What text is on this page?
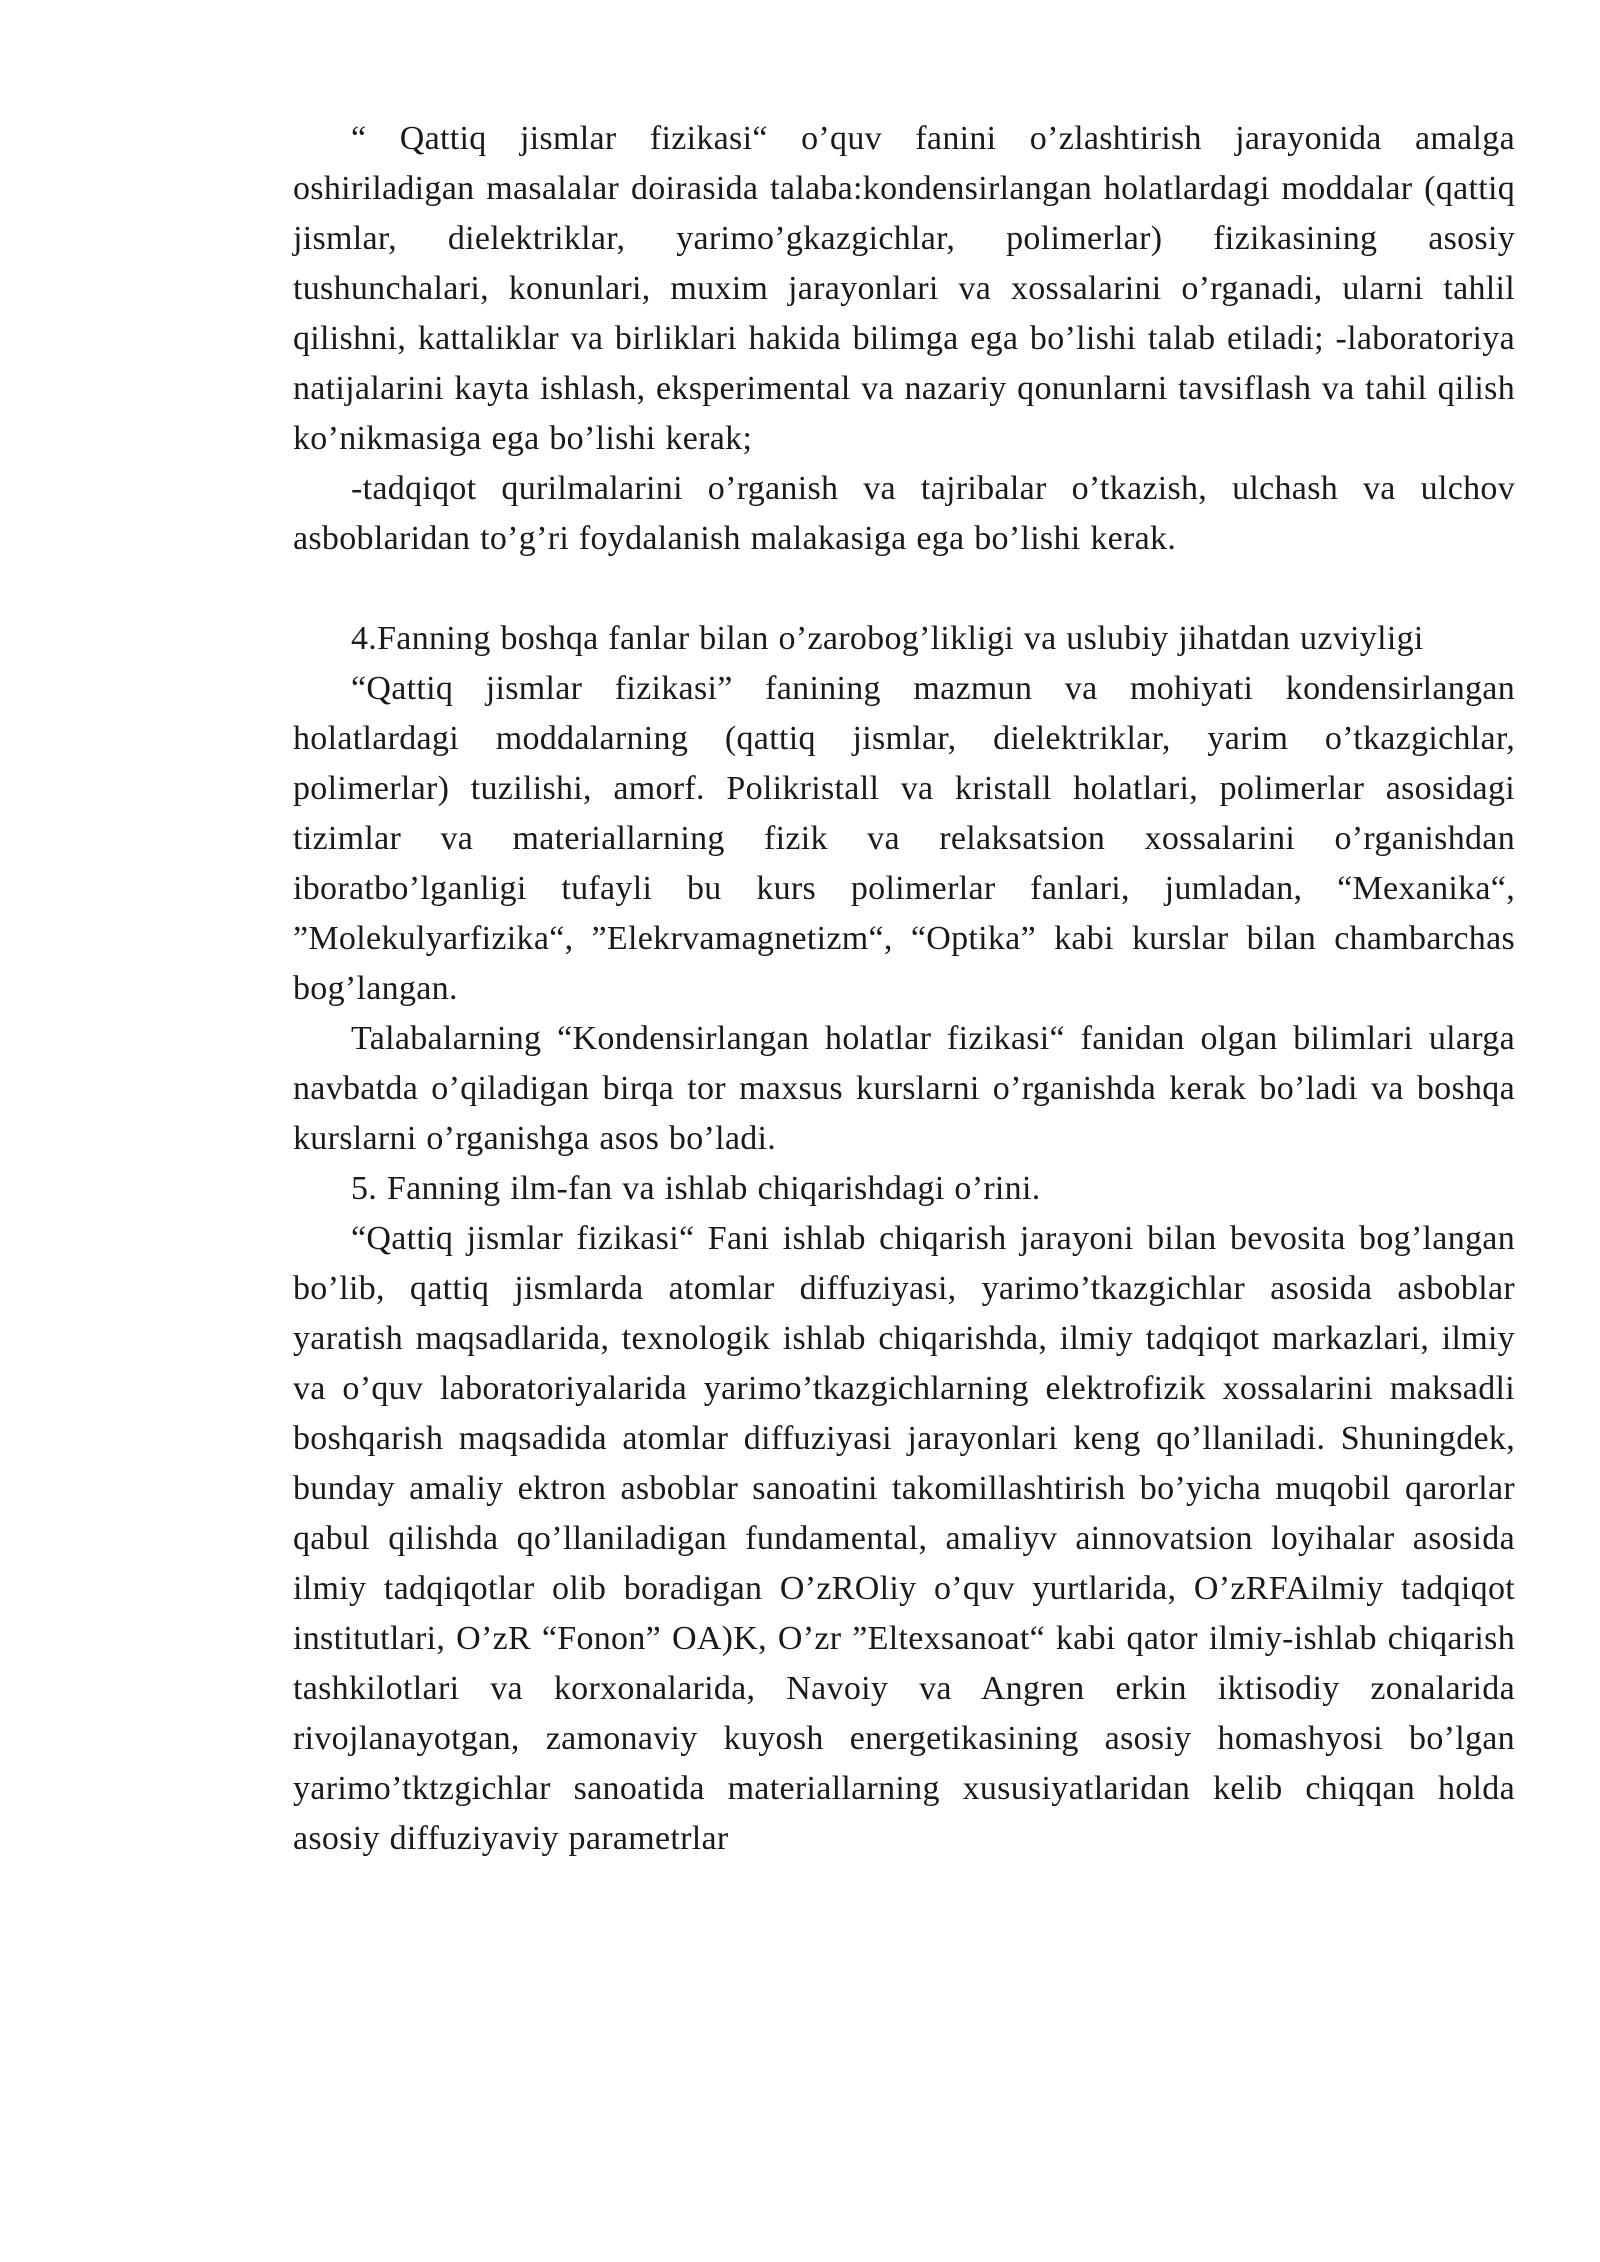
“ Qattiq jismlar fizikasi“ o’quv fanini o’zlashtirish jarayonida amalga oshiriladigan masalalar doirasida talaba:kondensirlangan holatlardagi moddalar (qattiq jismlar, dielektriklar, yarimo’gkazgichlar, polimerlar) fizikasining asosiy tushunchalari, konunlari, muxim jarayonlari va xossalarini o’rganadi, ularni tahlil qilishni, kattaliklar va birliklari hakida bilimga ega bo’lishi talab etiladi; -laboratoriya natijalarini kayta ishlash, eksperimental va nazariy qonunlarni tavsiflash va tahil qilish ko’nikmasiga ega bo’lishi kerak;

-tadqiqot qurilmalarini o’rganish va tajribalar o’tkazish, ulchash va ulchov asboblaridan to’g’ri foydalanish malakasiga ega bo’lishi kerak.

4.Fanning boshqa fanlar bilan o’zarobog’likligi va uslubiy jihatdan uzviyligi

“Qattiq jismlar fizikasi” fanining mazmun va mohiyati kondensirlangan holatlardagi moddalarning (qattiq jismlar, dielektriklar, yarim o’tkazgichlar, polimerlar) tuzilishi, amorf. Polikristall va kristall holatlari, polimerlar asosidagi tizimlar va materiallarning fizik va relaksatsion xossalarini o’rganishdan iboratbo’lganligi tufayli bu kurs polimerlar fanlari, jumladan, “Mexanika“, ”Molekulyarfizika“, ”Elekrvamagnetizm“, “Optika” kabi kurslar bilan chambarchas bog’langan.

Talabalarning “Kondensirlangan holatlar fizikasi“ fanidan olgan bilimlari ularga navbatda o’qiladigan birqa tor maxsus kurslarni o’rganishda kerak bo’ladi va boshqa kurslarni o’rganishga asos bo’ladi.

5. Fanning ilm-fan va ishlab chiqarishdagi o’rini.

“Qattiq jismlar fizikasi“ Fani ishlab chiqarish jarayoni bilan bevosita bog’langan bo’lib, qattiq jismlarda atomlar diffuziyasi, yarimo’tkazgichlar asosida asboblar yaratish maqsadlarida, texnologik ishlab chiqarishda, ilmiy tadqiqot markazlari, ilmiy va o’quv laboratoriyalarida yarimo’tkazgichlarning elektrofizik xossalarini maksadli boshqarish maqsadida atomlar diffuziyasi jarayonlari keng qo’llaniladi. Shuningdek, bunday amaliy ektron asboblar sanoatini takomillashtirish bo’yicha muqobil qarorlar qabul qilishda qo’llaniladigan fundamental, amaliyv ainnovatsion loyihalar asosida ilmiy tadqiqotlar olib boradigan O’zROliy o’quv yurtlarida, O’zRFAilmiy tadqiqot institutlari, O’zR “Fonon” OA)K, O’zr ”Eltexsanoat“ kabi qator ilmiy-ishlab chiqarish tashkilotlari va korxonalarida, Navoiy va Angren erkin iktisodiy zonalarida rivojlanayotgan, zamonaviy kuyosh energetikasining asosiy homashyosi bo’lgan yarimo’tktzgichlar sanoatida materiallarning xususiyatlaridan kelib chiqqan holda asosiy diffuziyaviy parametrlar
